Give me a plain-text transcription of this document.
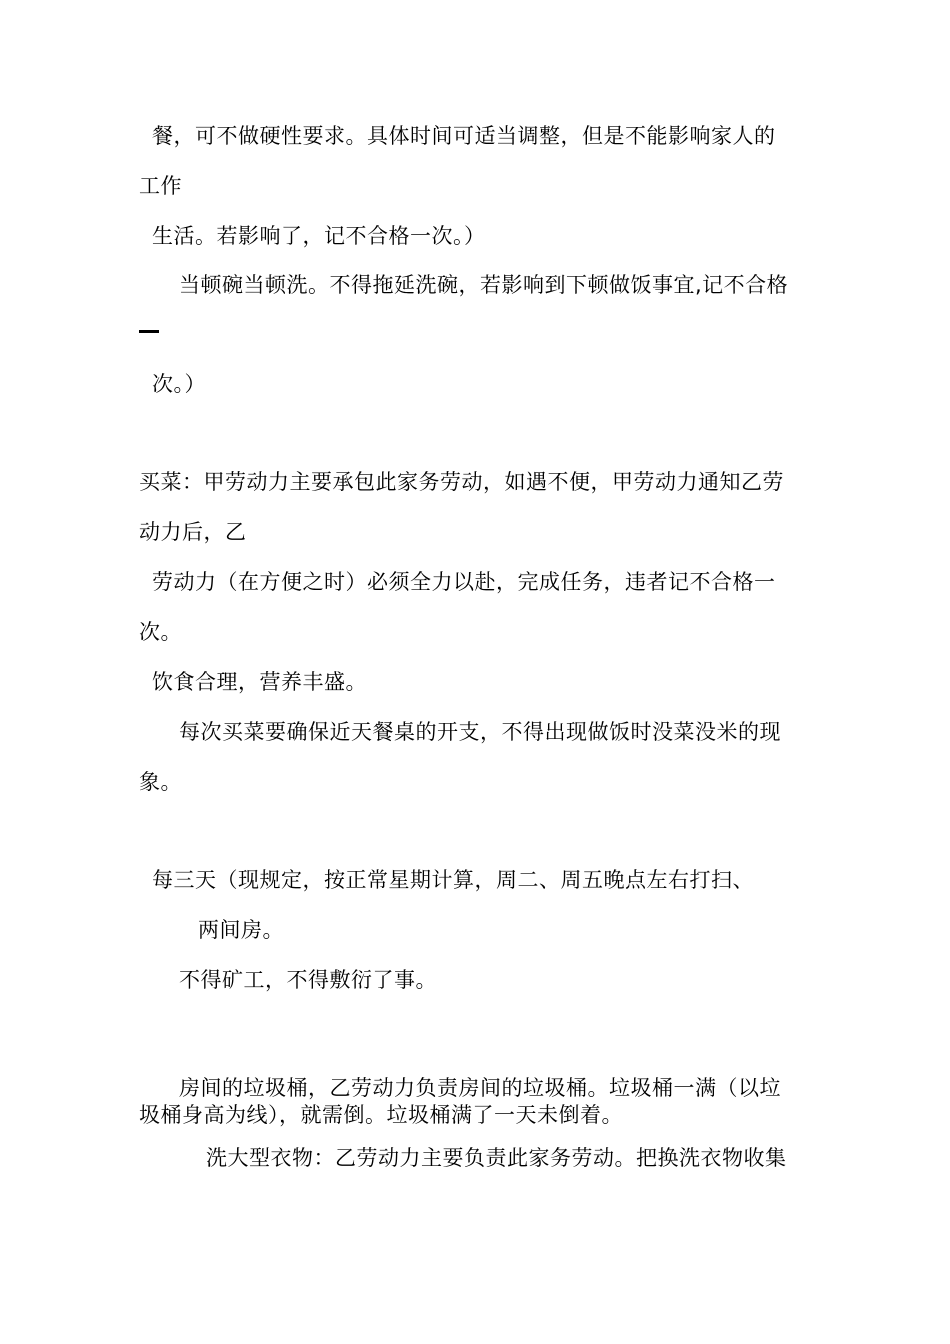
餐，可不做硬性要求。具体时间可适当调整，但是不能影响家人的
工作
生活。若影响了，记不合格一次。）
当顿碗当顿洗。不得拖延洗碗，若影响到下顿做饭事宜,记不合格
次。）
买菜：甲劳动力主要承包此家务劳动，如遇不便，甲劳动力通知乙劳
动力后，乙
劳动力（在方便之时）必须全力以赴，完成任务，违者记不合格一
次。
饮食合理，营养丰盛。
每次买菜要确保近天餐桌的开支，不得出现做饭时没菜没米的现
象。
每三天（现规定，按正常星期计算，周二、周五晚点左右打扫、
两间房。
不得矿工，不得敷衍了事。
房间的垃圾桶，乙劳动力负责房间的垃圾桶。垃圾桶一满（以垃
圾桶身高为线），就需倒。垃圾桶满了一天未倒着。
洗大型衣物：乙劳动力主要负责此家务劳动。把换洗衣物收集
